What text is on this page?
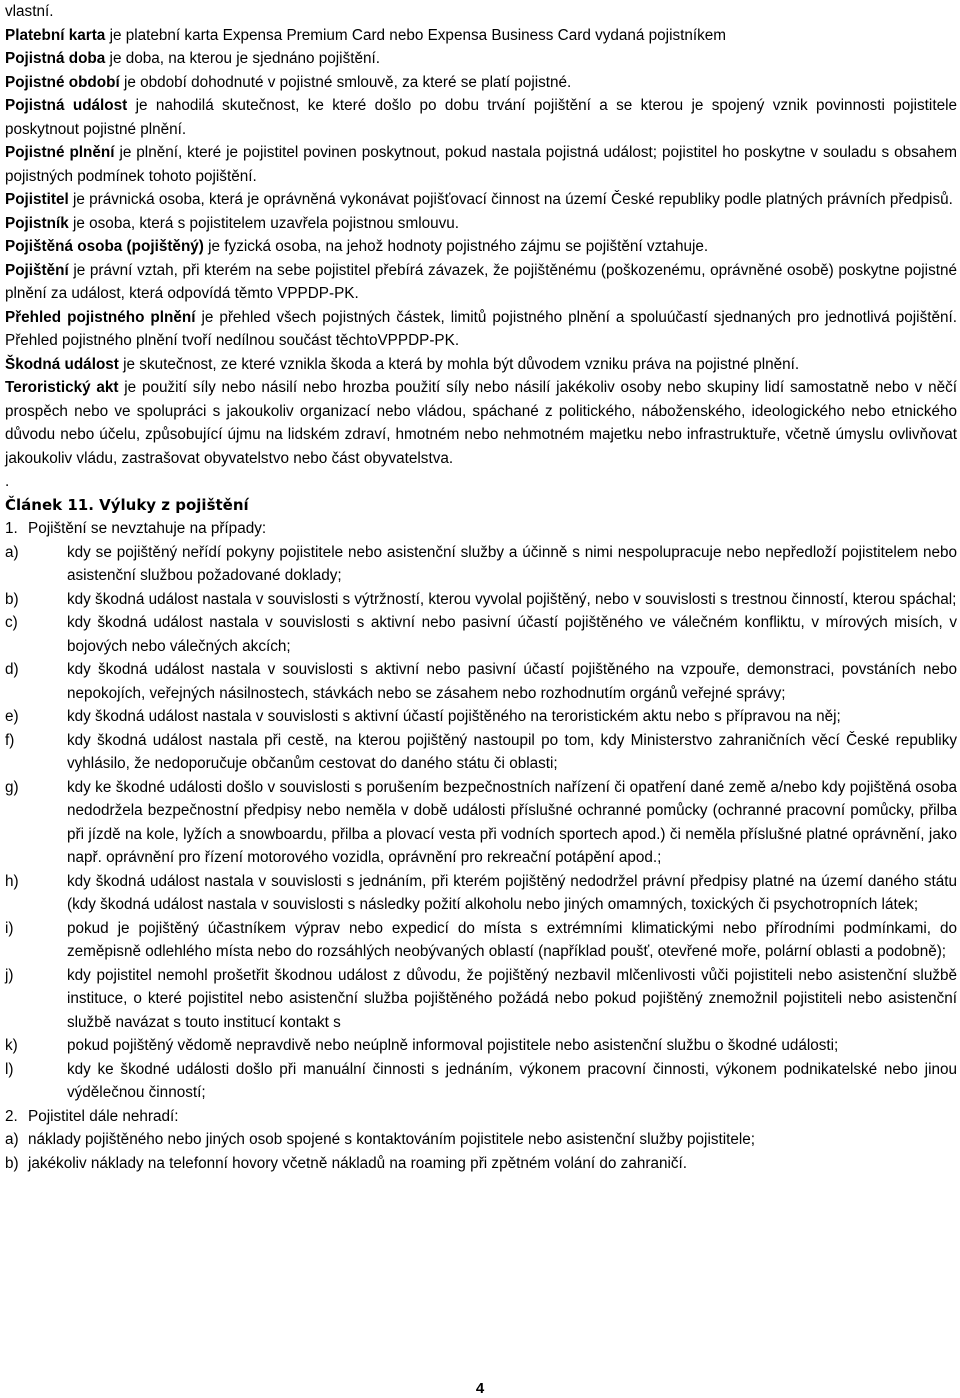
vlastní.

Platební karta je platební karta Expensa Premium Card nebo Expensa Business Card vydaná pojistníkem

Pojistná doba je doba, na kterou je sjednáno pojištění.

Pojistné období je období dohodnuté v pojistné smlouvě, za které se platí pojistné.

Pojistná událost je nahodilá skutečnost, ke které došlo po dobu trvání pojištění a se kterou je spojený vznik povinnosti pojistitele poskytnout pojistné plnění.

Pojistné plnění je plnění, které je pojistitel povinen poskytnout, pokud nastala pojistná událost; pojistitel ho poskytne v souladu s obsahem pojistných podmínek tohoto pojištění.

Pojistitel je právnická osoba, která je oprávněná vykonávat pojišťovací činnost na území České republiky podle platných právních předpisů.

Pojistník je osoba, která s pojistitelem uzavřela pojistnou smlouvu.

Pojištěná osoba (pojištěný) je fyzická osoba, na jehož hodnoty pojistného zájmu se pojištění vztahuje.

Pojištění je právní vztah, při kterém na sebe pojistitel přebírá závazek, že pojištěnému (poškozenému, oprávněné osobě) poskytne pojistné plnění za událost, která odpovídá těmto VPPDP-PK.

Přehled pojistného plnění je přehled všech pojistných částek, limitů pojistného plnění a spoluúčastí sjednaných pro jednotlivá pojištění. Přehled pojistného plnění tvoří nedílnou součást těchtoVPPDP-PK.

Škodná událost je skutečnost, ze které vznikla škoda a která by mohla být důvodem vzniku práva na pojistné plnění.

Teroristický akt je použití síly nebo násilí nebo hrozba použití síly nebo násilí jakékoliv osoby nebo skupiny lidí samostatně nebo v něčí prospěch nebo ve spolupráci s jakoukoliv organizací nebo vládou, spáchané z politického, náboženského, ideologického nebo etnického důvodu nebo účelu, způsobující újmu na lidském zdraví, hmotném nebo nehmotném majetku nebo infrastruktuře, včetně úmyslu ovlivňovat jakoukoliv vládu, zastrašovat obyvatelstvo nebo část obyvatelstva.

.

Článek 11. Výluky z pojištění

1. Pojištění se nevztahuje na případy:
a)	kdy se pojištěný neřídí pokyny pojistitele nebo asistenční služby a účinně s nimi nespolupracuje nebo nepředloží pojistitelem nebo asistenční službou požadované doklady;
b)	kdy škodná událost nastala v souvislosti s výtržností, kterou vyvolal pojištěný, nebo v souvislosti s trestnou činností, kterou spáchal;
c)	kdy škodná událost nastala v souvislosti s aktivní nebo pasivní účastí pojištěného ve válečném konfliktu, v mírových misích, v bojových nebo válečných akcích;
d)	kdy škodná událost nastala v souvislosti s aktivní nebo pasivní účastí pojištěného na vzpouře, demonstraci, povstáních nebo nepokojích, veřejných násilnostech, stávkách nebo se zásahem nebo rozhodnutím orgánů veřejné správy;
e)	kdy škodná událost nastala v souvislosti s aktivní účastí pojištěného na teroristickém aktu nebo s přípravou na něj;
f)	kdy škodná událost nastala při cestě, na kterou pojištěný nastoupil po tom, kdy Ministerstvo zahraničních věcí České republiky vyhlásilo, že nedoporučuje občanům cestovat do daného státu či oblasti;
g)	kdy ke škodné události došlo v souvislosti s porušením bezpečnostních nařízení či opatření dané země a/nebo kdy pojištěná osoba nedodržela bezpečnostní předpisy nebo neměla v době události příslušné ochranné pomůcky (ochranné pracovní pomůcky, přilba při jízdě na kole, lyžích a snowboardu, přilba a plovací vesta při vodních sportech apod.) či neměla příslušné platné oprávnění, jako např. oprávnění pro řízení motorového vozidla, oprávnění pro rekreační potápění apod.;
h)	kdy škodná událost nastala v souvislosti s jednáním, při kterém pojištěný nedodržel právní předpisy platné na území daného státu (kdy škodná událost nastala v souvislosti s následky požití alkoholu nebo jiných omamných, toxických či psychotropních látek;
i)	pokud je pojištěný účastníkem výprav nebo expedicí do místa s extrémními klimatickými nebo přírodními podmínkami, do zeměpisně odlehlého místa nebo do rozsáhlých neobývaných oblastí (například poušť, otevřené moře, polární oblasti a podobně);
j)	kdy pojistitel nemohl prošetřit škodnou událost z důvodu, že pojištěný nezbavil mlčenlivosti vůči pojistiteli nebo asistenční službě instituce, o které pojistitel nebo asistenční služba pojištěného požádá nebo pokud pojištěný znemožnil pojistiteli nebo asistenční službě navázat s touto institucí kontakt s
k)	pokud pojištěný vědomě nepravdivě nebo neúplně informoval pojistitele nebo asistenční službu o škodné události;
l)	kdy ke škodné události došlo při manuální činnosti s jednáním, výkonem pracovní činnosti, výkonem podnikatelské nebo jinou výdělečnou činností;
2. Pojistitel dále nehradí:
a) náklady pojištěného nebo jiných osob spojené s kontaktováním pojistitele nebo asistenční služby pojistitele;
b) jakékoliv náklady na telefonní hovory včetně nákladů na roaming při zpětném volání do zahraničí.
4
